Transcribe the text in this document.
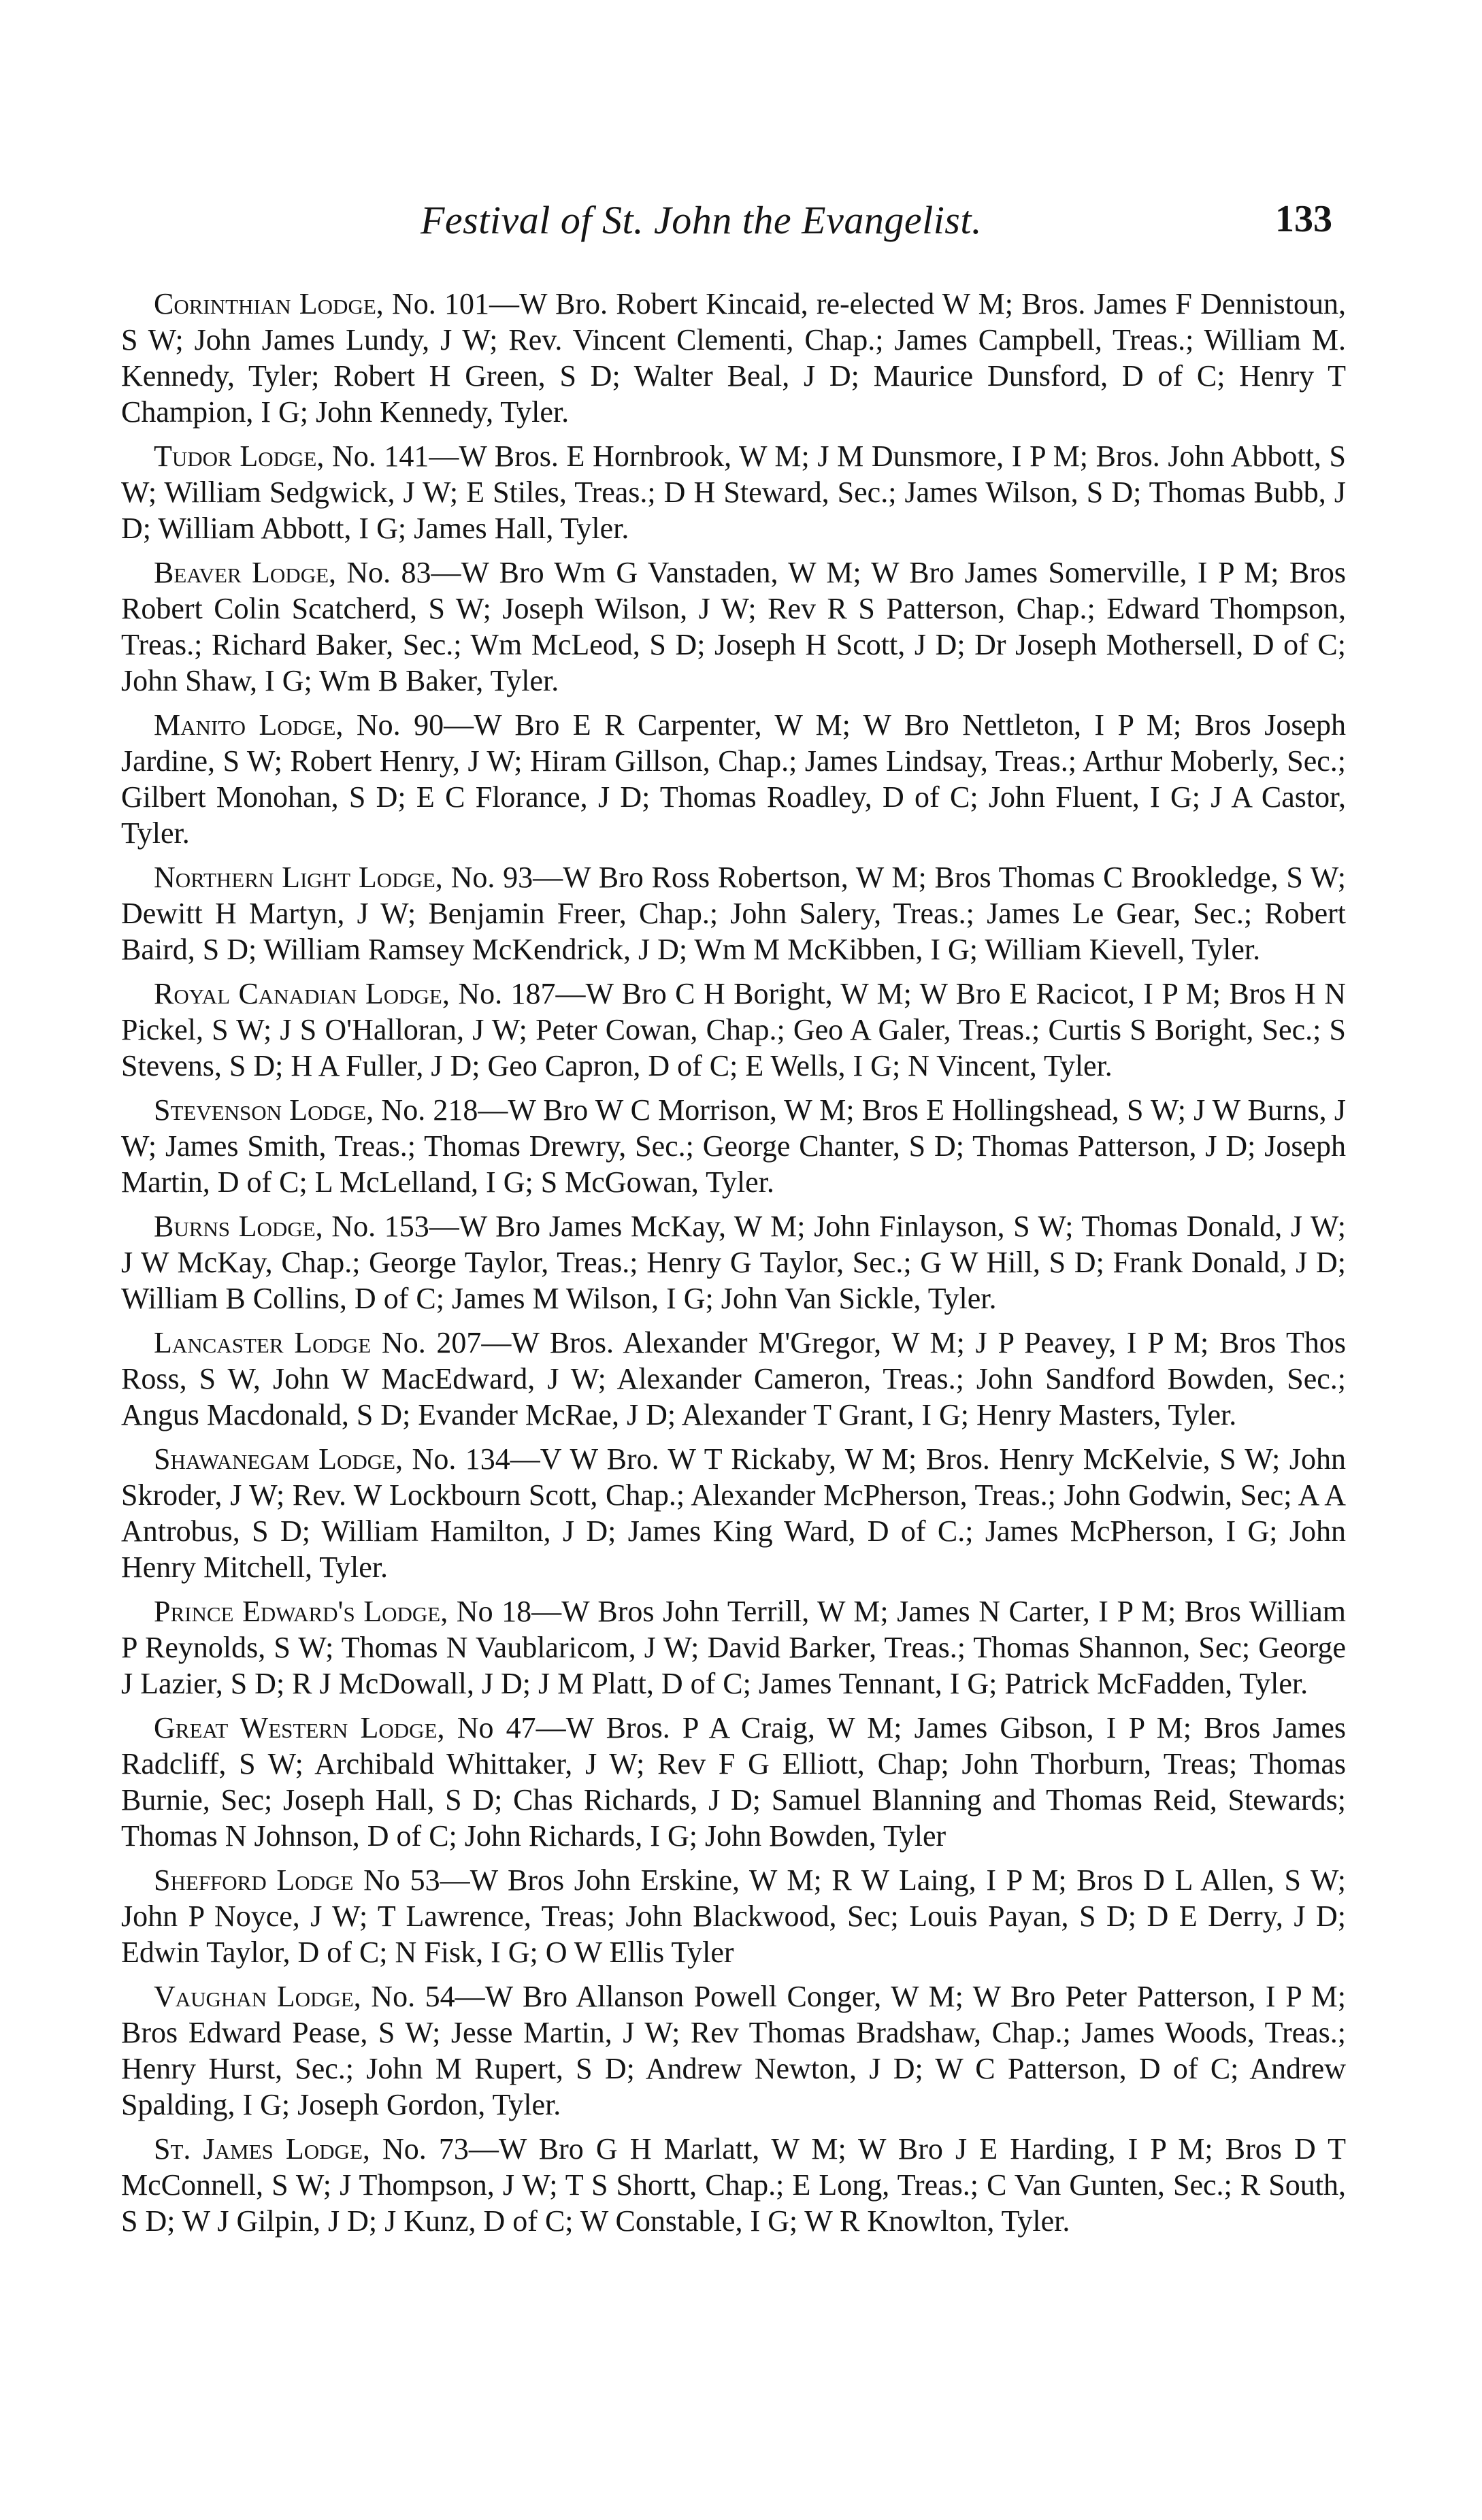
Festival of St. John the Evangelist.	133

Corinthian Lodge, No. 101—W Bro. Robert Kincaid, re-elected W M; Bros. James F Dennistoun, S W; John James Lundy, J W; Rev. Vincent Clementi, Chap.; James Campbell, Treas.; William M. Kennedy, Tyler; Robert H Green, S D; Walter Beal, J D; Maurice Dunsford, D of C; Henry T Champion, I G; John Kennedy, Tyler.

Tudor Lodge, No. 141—W Bros. E Hornbrook, W M; J M Dunsmore, I P M; Bros. John Abbott, S W; William Sedgwick, J W; E Stiles, Treas.; D H Steward, Sec.; James Wilson, S D; Thomas Bubb, J D; William Abbott, I G; James Hall, Tyler.

Beaver Lodge, No. 83—W Bro Wm G Vanstaden, W M; W Bro James Somerville, I P M; Bros Robert Colin Scatcherd, S W; Joseph Wilson, J W; Rev R S Patterson, Chap.; Edward Thompson, Treas.; Richard Baker, Sec.; Wm McLeod, S D; Joseph H Scott, J D; Dr Joseph Mothersell, D of C; John Shaw, I G; Wm B Baker, Tyler.

Manito Lodge, No. 90—W Bro E R Carpenter, W M; W Bro Nettleton, I P M; Bros Joseph Jardine, S W; Robert Henry, J W; Hiram Gillson, Chap.; James Lindsay, Treas.; Arthur Moberly, Sec.; Gilbert Monohan, S D; E C Florance, J D; Thomas Roadley, D of C; John Fluent, I G; J A Castor, Tyler.

Northern Light Lodge, No. 93—W Bro Ross Robertson, W M; Bros Thomas C Brookledge, S W; Dewitt H Martyn, J W; Benjamin Freer, Chap.; John Salery, Treas.; James Le Gear, Sec.; Robert Baird, S D; William Ramsey McKendrick, J D; Wm M McKibben, I G; William Kievell, Tyler.

Royal Canadian Lodge, No. 187—W Bro C H Boright, W M; W Bro E Racicot, I P M; Bros H N Pickel, S W; J S O'Halloran, J W; Peter Cowan, Chap.; Geo A Galer, Treas.; Curtis S Boright, Sec.; S Stevens, S D; H A Fuller, J D; Geo Capron, D of C; E Wells, I G; N Vincent, Tyler.

Stevenson Lodge, No. 218—W Bro W C Morrison, W M; Bros E Hollingshead, S W; J W Burns, J W; James Smith, Treas.; Thomas Drewry, Sec.; George Chanter, S D; Thomas Patterson, J D; Joseph Martin, D of C; L McLelland, I G; S McGowan, Tyler.

Burns Lodge, No. 153—W Bro James McKay, W M; John Finlayson, S W; Thomas Donald, J W; J W McKay, Chap.; George Taylor, Treas.; Henry G Taylor, Sec.; G W Hill, S D; Frank Donald, J D; William B Collins, D of C; James M Wilson, I G; John Van Sickle, Tyler.

Lancaster Lodge No. 207—W Bros. Alexander M'Gregor, W M; J P Peavey, I P M; Bros Thos Ross, S W, John W MacEdward, J W; Alexander Cameron, Treas.; John Sandford Bowden, Sec.; Angus Macdonald, S D; Evander McRae, J D; Alexander T Grant, I G; Henry Masters, Tyler.

Shawanegam Lodge, No. 134—V W Bro. W T Rickaby, W M; Bros. Henry McKelvie, S W; John Skroder, J W; Rev. W Lockbourn Scott, Chap.; Alexander McPherson, Treas.; John Godwin, Sec; A A Antrobus, S D; William Hamilton, J D; James King Ward, D of C.; James McPherson, I G; John Henry Mitchell, Tyler.

Prince Edward's Lodge, No 18—W Bros John Terrill, W M; James N Carter, I P M; Bros William P Reynolds, S W; Thomas N Vaublaricom, J W; David Barker, Treas.; Thomas Shannon, Sec; George J Lazier, S D; R J McDowall, J D; J M Platt, D of C; James Tennant, I G; Patrick McFadden, Tyler.

Great Western Lodge, No 47—W Bros. P A Craig, W M; James Gibson, I P M; Bros James Radcliff, S W; Archibald Whittaker, J W; Rev F G Elliott, Chap; John Thorburn, Treas; Thomas Burnie, Sec; Joseph Hall, S D; Chas Richards, J D; Samuel Blanning and Thomas Reid, Stewards; Thomas N Johnson, D of C; John Richards, I G; John Bowden, Tyler

Shefford Lodge No 53—W Bros John Erskine, W M; R W Laing, I P M; Bros D L Allen, S W; John P Noyce, J W; T Lawrence, Treas; John Blackwood, Sec; Louis Payan, S D; D E Derry, J D; Edwin Taylor, D of C; N Fisk, I G; O W Ellis Tyler

Vaughan Lodge, No. 54—W Bro Allanson Powell Conger, W M; W Bro Peter Patterson, I P M; Bros Edward Pease, S W; Jesse Martin, J W; Rev Thomas Bradshaw, Chap.; James Woods, Treas.; Henry Hurst, Sec.; John M Rupert, S D; Andrew Newton, J D; W C Patterson, D of C; Andrew Spalding, I G; Joseph Gordon, Tyler.

St. James Lodge, No. 73—W Bro G H Marlatt, W M; W Bro J E Harding, I P M; Bros D T McConnell, S W; J Thompson, J W; T S Shortt, Chap.; E Long, Treas.; C Van Gunten, Sec.; R South, S D; W J Gilpin, J D; J Kunz, D of C; W Constable, I G; W R Knowlton, Tyler.
